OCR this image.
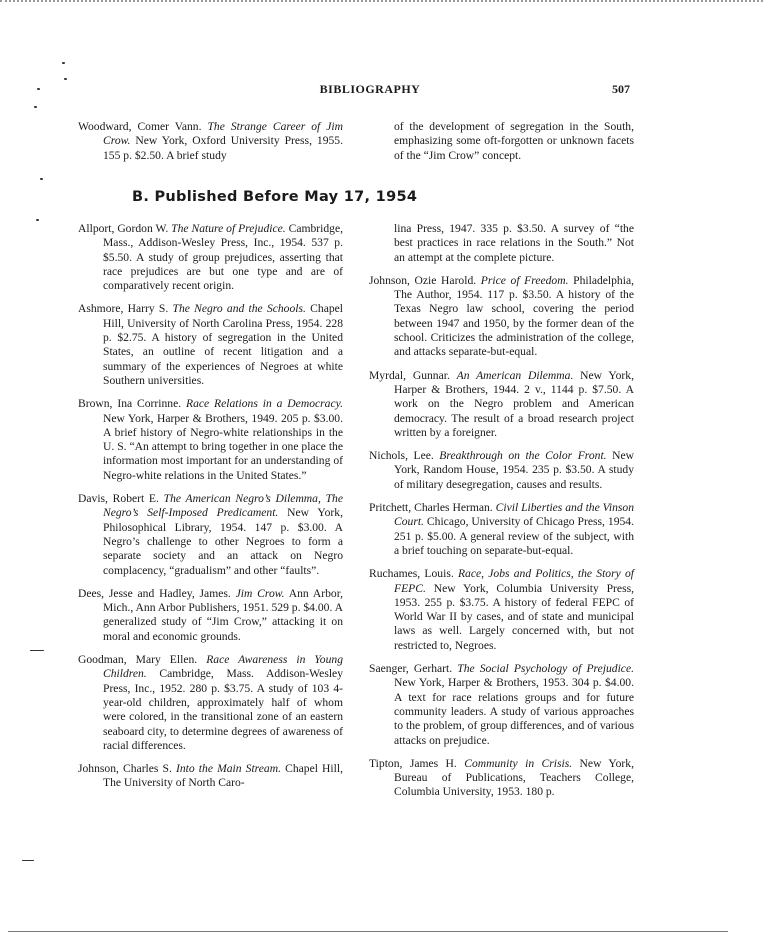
BIBLIOGRAPHY	507

Woodward, Comer Vann. The Strange Career of Jim Crow. New York, Oxford University Press, 1955. 155 p. $2.50. A brief study

of the development of segregation in the South, emphasizing some oft-forgotten or unknown facets of the “Jim Crow” concept.

B. Published Before May 17, 1954

Allport, Gordon W. The Nature of Prejudice. Cambridge, Mass., Addison-Wesley Press, Inc., 1954. 537 p. $5.50. A study of group prejudices, asserting that race prejudices are but one type and are of comparatively recent origin.

Ashmore, Harry S. The Negro and the Schools. Chapel Hill, University of North Carolina Press, 1954. 228 p. $2.75. A history of segregation in the United States, an outline of recent litigation and a summary of the experiences of Negroes at white Southern universities.

Brown, Ina Corrinne. Race Relations in a Democracy. New York, Harper & Brothers, 1949. 205 p. $3.00. A brief history of Negro-white relationships in the U. S. “An attempt to bring together in one place the information most important for an understanding of Negro-white relations in the United States.”

Davis, Robert E. The American Negro’s Dilemma, The Negro’s Self-Imposed Predicament. New York, Philosophical Library, 1954. 147 p. $3.00. A Negro’s challenge to other Negroes to form a separate society and an attack on Negro complacency, “gradualism” and other “faults”.

Dees, Jesse and Hadley, James. Jim Crow. Ann Arbor, Mich., Ann Arbor Publishers, 1951. 529 p. $4.00. A generalized study of “Jim Crow,” attacking it on moral and economic grounds.

Goodman, Mary Ellen. Race Awareness in Young Children. Cambridge, Mass. Addison-Wesley Press, Inc., 1952. 280 p. $3.75. A study of 103 4-year-old children, approximately half of whom were colored, in the transitional zone of an eastern seaboard city, to determine degrees of awareness of racial differences.

Johnson, Charles S. Into the Main Stream. Chapel Hill, The University of North Caro-

lina Press, 1947. 335 p. $3.50. A survey of “the best practices in race relations in the South.” Not an attempt at the complete picture.

Johnson, Ozie Harold. Price of Freedom. Philadelphia, The Author, 1954. 117 p. $3.50. A history of the Texas Negro law school, covering the period between 1947 and 1950, by the former dean of the school. Criticizes the administration of the college, and attacks separate-but-equal.

Myrdal, Gunnar. An American Dilemma. New York, Harper & Brothers, 1944. 2 v., 1144 p. $7.50. A work on the Negro problem and American democracy. The result of a broad research project written by a foreigner.

Nichols, Lee. Breakthrough on the Color Front. New York, Random House, 1954. 235 p. $3.50. A study of military desegregation, causes and results.

Pritchett, Charles Herman. Civil Liberties and the Vinson Court. Chicago, University of Chicago Press, 1954. 251 p. $5.00. A general review of the subject, with a brief touching on separate-but-equal.

Ruchames, Louis. Race, Jobs and Politics, the Story of FEPC. New York, Columbia University Press, 1953. 255 p. $3.75. A history of federal FEPC of World War II by cases, and of state and municipal laws as well. Largely concerned with, but not restricted to, Negroes.

Saenger, Gerhart. The Social Psychology of Prejudice. New York, Harper & Brothers, 1953. 304 p. $4.00. A text for race relations groups and for future community leaders. A study of various approaches to the problem, of group differences, and of various attacks on prejudice.

Tipton, James H. Community in Crisis. New York, Bureau of Publications, Teachers College, Columbia University, 1953. 180 p.
